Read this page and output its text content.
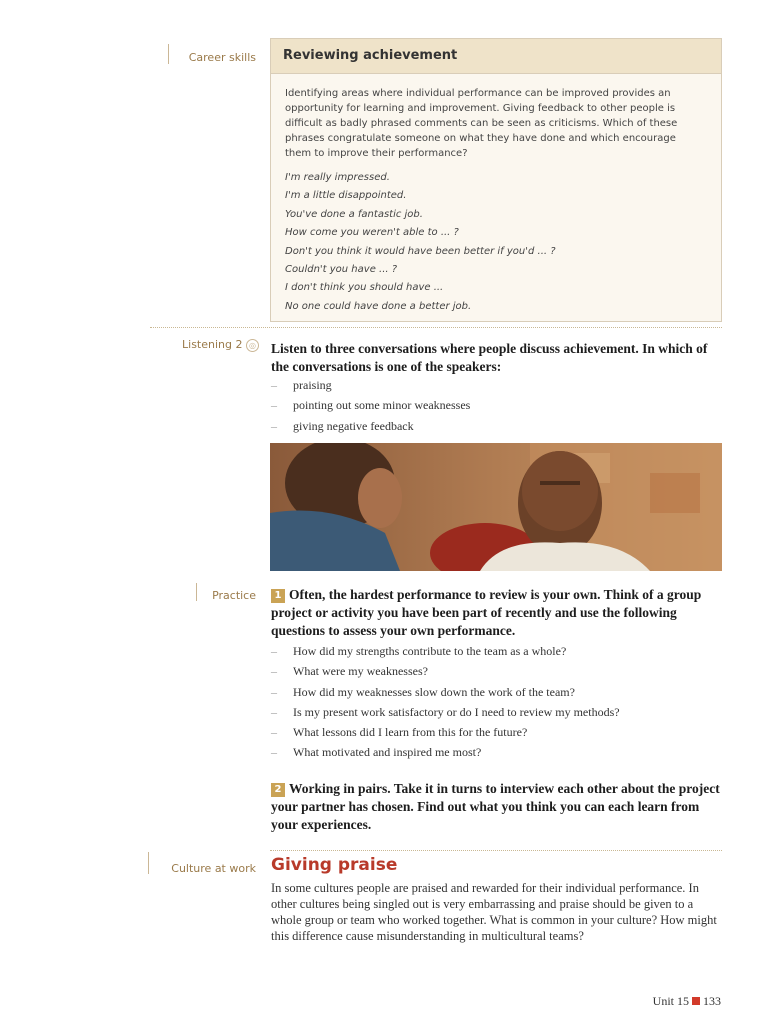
Career skills	Reviewing achievement
Identifying areas where individual performance can be improved provides an opportunity for learning and improvement. Giving feedback to other people is difficult as badly phrased comments can be seen as criticisms. Which of these phrases congratulate someone on what they have done and which encourage them to improve their performance?
I'm really impressed.
I'm a little disappointed.
You've done a fantastic job.
How come you weren't able to ... ?
Don't you think it would have been better if you'd ... ?
Couldn't you have ... ?
I don't think you should have ...
No one could have done a better job.
Listening 2 ◎ Listen to three conversations where people discuss achievement. In which of the conversations is one of the speakers:
– praising
– pointing out some minor weaknesses
– giving negative feedback
Practice	1 Often, the hardest performance to review is your own. Think of a group project or activity you have been part of recently and use the following questions to assess your own performance.
– How did my strengths contribute to the team as a whole?
– What were my weaknesses?
– How did my weaknesses slow down the work of the team?
– Is my present work satisfactory or do I need to review my methods?
– What lessons did I learn from this for the future?
– What motivated and inspired me most?
2 Working in pairs. Take it in turns to interview each other about the project your partner has chosen. Find out what you think you can each learn from your experiences.
Culture at work Giving praise
In some cultures people are praised and rewarded for their individual performance. In other cultures being singled out is very embarrassing and praise should be given to a whole group or team who worked together. What is common in your culture? How might this difference cause misunderstanding in multicultural teams?
Unit 15 133
